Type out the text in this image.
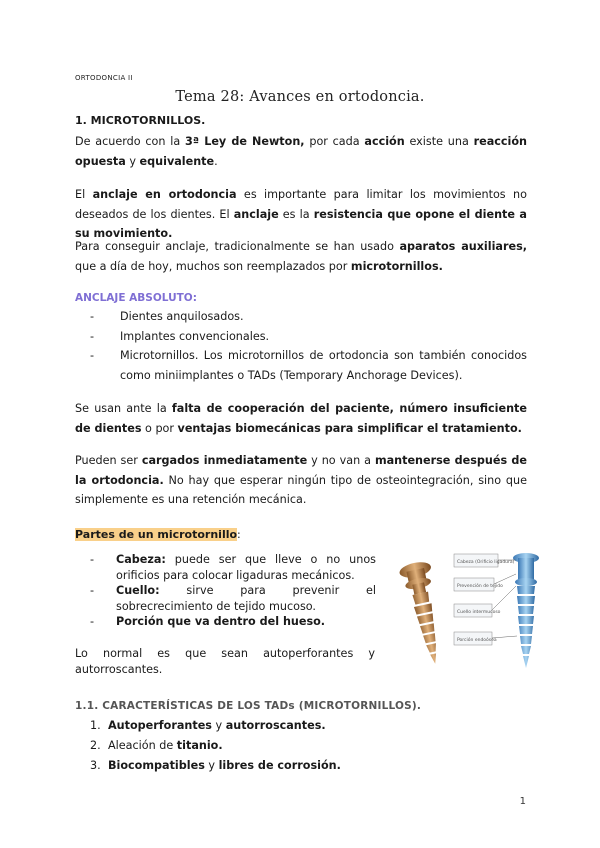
ORTODONCIA II
Tema 28: Avances en ortodoncia.
1. MICROTORNILLOS.
De acuerdo con la 3ª Ley de Newton, por cada acción existe una reacción opuesta y equivalente.
El anclaje en ortodoncia es importante para limitar los movimientos no deseados de los dientes. El anclaje es la resistencia que opone el diente a su movimiento.
Para conseguir anclaje, tradicionalmente se han usado aparatos auxiliares, que a día de hoy, muchos son reemplazados por microtornillos.
ANCLAJE ABSOLUTO:
- Dientes anquilosados.
- Implantes convencionales.
- Microtornillos. Los microtornillos de ortodoncia son también conocidos como miniimplantes o TADs (Temporary Anchorage Devices).
Se usan ante la falta de cooperación del paciente, número insuficiente de dientes o por ventajas biomecánicas para simplificar el tratamiento.
Pueden ser cargados inmediatamente y no van a mantenerse después de la ortodoncia. No hay que esperar ningún tipo de osteointegración, sino que simplemente es una retención mecánica.
Partes de un microtornillo:
- Cabeza: puede ser que lleve o no unos orificios para colocar ligaduras mecánicos.
- Cuello: sirve para prevenir el sobrecrecimiento de tejido mucoso.
- Porción que va dentro del hueso.
Lo normal es que sean autoperforantes y autorroscantes.
Cabeza (Orificio ligadura)
Prevención de tejido
Cuello intermucoso
Porción endoósea
1.1. CARACTERÍSTICAS DE LOS TADs (MICROTORNILLOS).
1. Autoperforantes y autorroscantes.
2. Aleación de titanio.
3. Biocompatibles y libres de corrosión.
1
